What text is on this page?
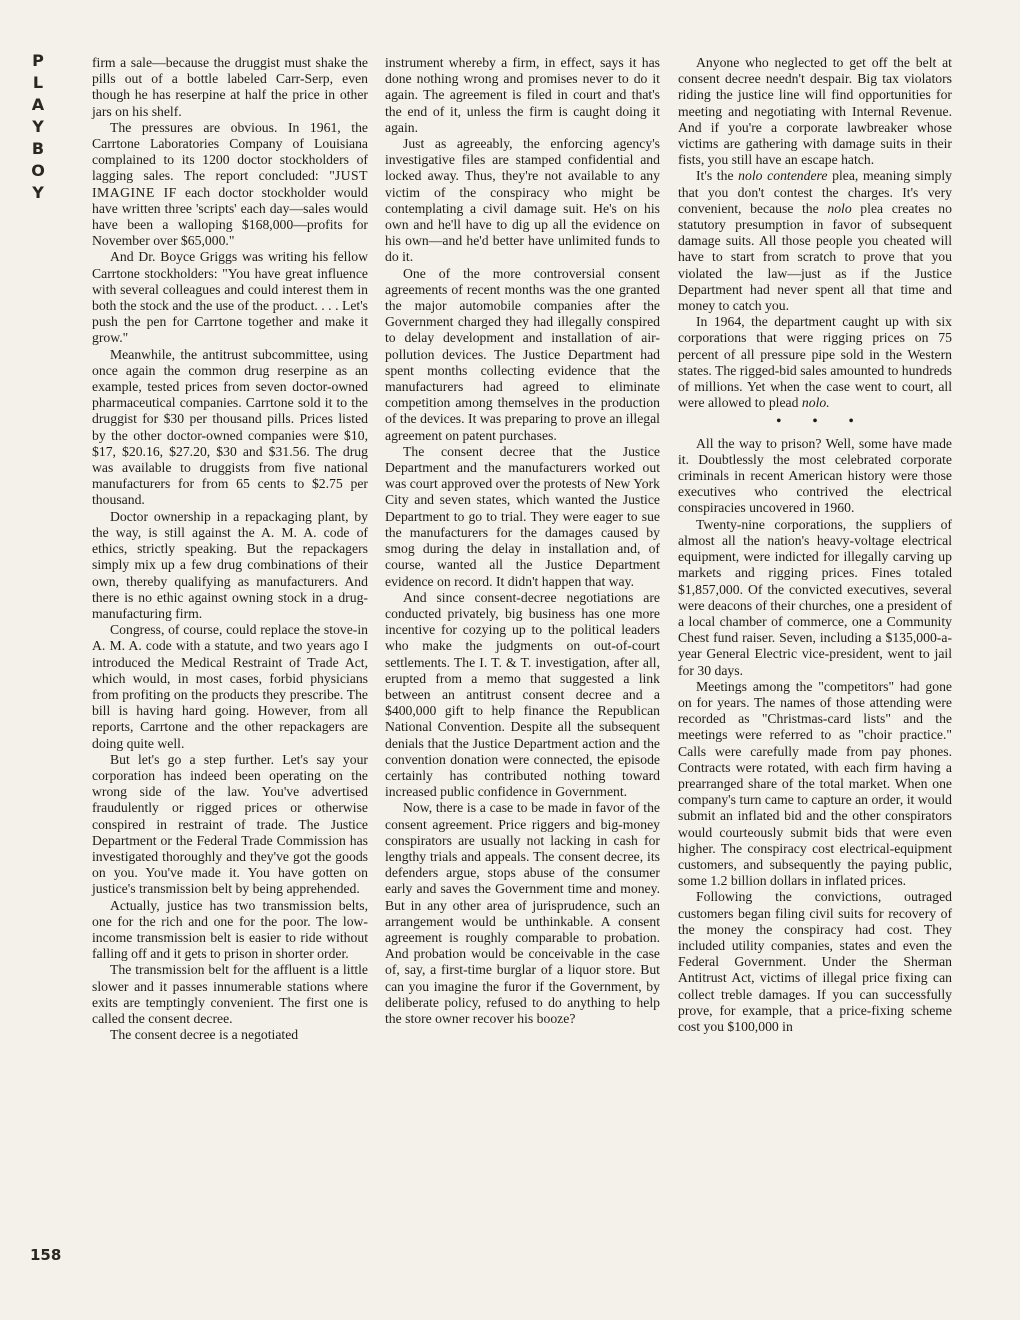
P
L
A
Y
B
O
Y
158

firm a sale—because the druggist must shake the pills out of a bottle labeled Carr-Serp, even though he has reserpine at half the price in other jars on his shelf.

The pressures are obvious. In 1961, the Carrtone Laboratories Company of Louisiana complained to its 1200 doctor stockholders of lagging sales. The report concluded: "JUST IMAGINE IF each doctor stockholder would have written three 'scripts' each day—sales would have been a walloping $168,000—profits for November over $65,000."

And Dr. Boyce Griggs was writing his fellow Carrtone stockholders: "You have great influence with several colleagues and could interest them in both the stock and the use of the product. . . . Let's push the pen for Carrtone together and make it grow."

Meanwhile, the antitrust subcommittee, using once again the common drug reserpine as an example, tested prices from seven doctor-owned pharmaceutical companies. Carrtone sold it to the druggist for $30 per thousand pills. Prices listed by the other doctor-owned companies were $10, $17, $20.16, $27.20, $30 and $31.56. The drug was available to druggists from five national manufacturers for from 65 cents to $2.75 per thousand.

Doctor ownership in a repackaging plant, by the way, is still against the A. M. A. code of ethics, strictly speaking. But the repackagers simply mix up a few drug combinations of their own, thereby qualifying as manufacturers. And there is no ethic against owning stock in a drug-manufacturing firm.

Congress, of course, could replace the stove-in A. M. A. code with a statute, and two years ago I introduced the Medical Restraint of Trade Act, which would, in most cases, forbid physicians from profiting on the products they prescribe. The bill is having hard going. However, from all reports, Carrtone and the other repackagers are doing quite well.

But let's go a step further. Let's say your corporation has indeed been operating on the wrong side of the law. You've advertised fraudulently or rigged prices or otherwise conspired in restraint of trade. The Justice Department or the Federal Trade Commission has investigated thoroughly and they've got the goods on you. You've made it. You have gotten on justice's transmission belt by being apprehended.

Actually, justice has two transmission belts, one for the rich and one for the poor. The low-income transmission belt is easier to ride without falling off and it gets to prison in shorter order.

The transmission belt for the affluent is a little slower and it passes innumerable stations where exits are temptingly convenient. The first one is called the consent decree.

The consent decree is a negotiated

instrument whereby a firm, in effect, says it has done nothing wrong and promises never to do it again. The agreement is filed in court and that's the end of it, unless the firm is caught doing it again.

Just as agreeably, the enforcing agency's investigative files are stamped confidential and locked away. Thus, they're not available to any victim of the conspiracy who might be contemplating a civil damage suit. He's on his own and he'll have to dig up all the evidence on his own—and he'd better have unlimited funds to do it.

One of the more controversial consent agreements of recent months was the one granted the major automobile companies after the Government charged they had illegally conspired to delay development and installation of air-pollution devices. The Justice Department had spent months collecting evidence that the manufacturers had agreed to eliminate competition among themselves in the production of the devices. It was preparing to prove an illegal agreement on patent purchases.

The consent decree that the Justice Department and the manufacturers worked out was court approved over the protests of New York City and seven states, which wanted the Justice Department to go to trial. They were eager to sue the manufacturers for the damages caused by smog during the delay in installation and, of course, wanted all the Justice Department evidence on record. It didn't happen that way.

And since consent-decree negotiations are conducted privately, big business has one more incentive for cozying up to the political leaders who make the judgments on out-of-court settlements. The I. T. & T. investigation, after all, erupted from a memo that suggested a link between an antitrust consent decree and a $400,000 gift to help finance the Republican National Convention. Despite all the subsequent denials that the Justice Department action and the convention donation were connected, the episode certainly has contributed nothing toward increased public confidence in Government.

Now, there is a case to be made in favor of the consent agreement. Price riggers and big-money conspirators are usually not lacking in cash for lengthy trials and appeals. The consent decree, its defenders argue, stops abuse of the consumer early and saves the Government time and money. But in any other area of jurisprudence, such an arrangement would be unthinkable. A consent agreement is roughly comparable to probation. And probation would be conceivable in the case of, say, a first-time burglar of a liquor store. But can you imagine the furor if the Government, by deliberate policy, refused to do anything to help the store owner recover his booze?

Anyone who neglected to get off the belt at consent decree needn't despair. Big tax violators riding the justice line will find opportunities for meeting and negotiating with Internal Revenue. And if you're a corporate lawbreaker whose victims are gathering with damage suits in their fists, you still have an escape hatch.

It's the nolo contendere plea, meaning simply that you don't contest the charges. It's very convenient, because the nolo plea creates no statutory presumption in favor of subsequent damage suits. All those people you cheated will have to start from scratch to prove that you violated the law—just as if the Justice Department had never spent all that time and money to catch you.

In 1964, the department caught up with six corporations that were rigging prices on 75 percent of all pressure pipe sold in the Western states. The rigged-bid sales amounted to hundreds of millions. Yet when the case went to court, all were allowed to plead nolo.

• • •

All the way to prison? Well, some have made it. Doubtlessly the most celebrated corporate criminals in recent American history were those executives who contrived the electrical conspiracies uncovered in 1960.

Twenty-nine corporations, the suppliers of almost all the nation's heavy-voltage electrical equipment, were indicted for illegally carving up markets and rigging prices. Fines totaled $1,857,000. Of the convicted executives, several were deacons of their churches, one a president of a local chamber of commerce, one a Community Chest fund raiser. Seven, including a $135,000-a-year General Electric vice-president, went to jail for 30 days.

Meetings among the "competitors" had gone on for years. The names of those attending were recorded as "Christmas-card lists" and the meetings were referred to as "choir practice." Calls were carefully made from pay phones. Contracts were rotated, with each firm having a prearranged share of the total market. When one company's turn came to capture an order, it would submit an inflated bid and the other conspirators would courteously submit bids that were even higher. The conspiracy cost electrical-equipment customers, and subsequently the paying public, some 1.2 billion dollars in inflated prices.

Following the convictions, outraged customers began filing civil suits for recovery of the money the conspiracy had cost. They included utility companies, states and even the Federal Government. Under the Sherman Antitrust Act, victims of illegal price fixing can collect treble damages. If you can successfully prove, for example, that a price-fixing scheme cost you $100,000 in
